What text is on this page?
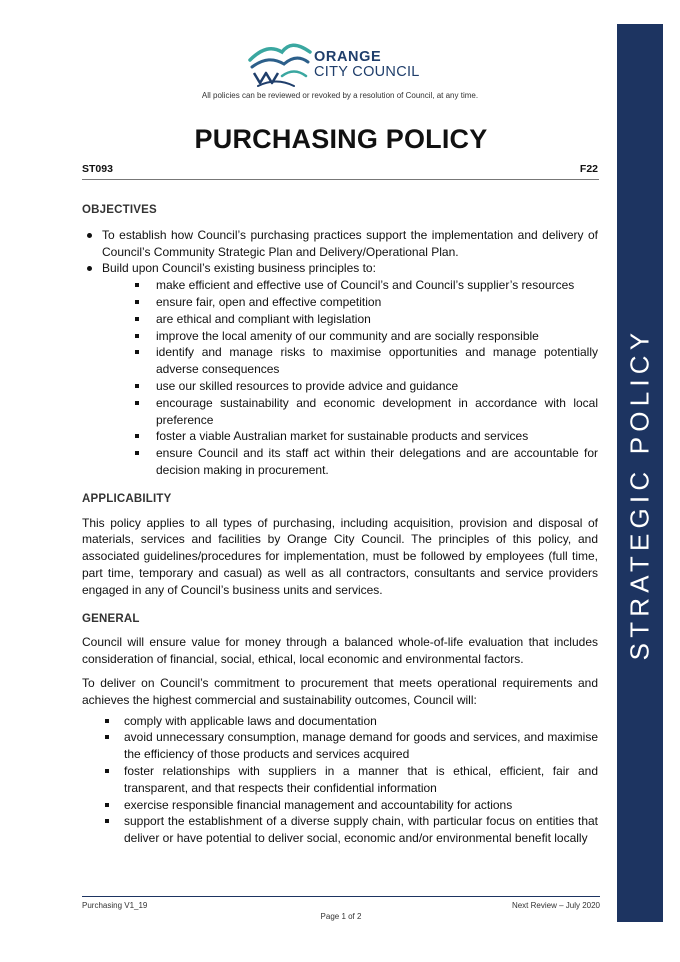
STRATEGIC POLICY
ORANGE
CITY COUNCIL
All policies can be reviewed or revoked by a resolution of Council, at any time.
PURCHASING POLICY
ST093	F22
OBJECTIVES
To establish how Council’s purchasing practices support the implementation and delivery of Council’s Community Strategic Plan and Delivery/Operational Plan.
Build upon Council’s existing business principles to:
make efficient and effective use of Council’s and Council’s supplier’s resources
ensure fair, open and effective competition
are ethical and compliant with legislation
improve the local amenity of our community and are socially responsible
identify and manage risks to maximise opportunities and manage potentially adverse consequences
use our skilled resources to provide advice and guidance
encourage sustainability and economic development in accordance with local preference
foster a viable Australian market for sustainable products and services
ensure Council and its staff act within their delegations and are accountable for decision making in procurement.
APPLICABILITY

This policy applies to all types of purchasing, including acquisition, provision and disposal of materials, services and facilities by Orange City Council. The principles of this policy, and associated guidelines/procedures for implementation, must be followed by employees (full time, part time, temporary and casual) as well as all contractors, consultants and service providers engaged in any of Council’s business units and services.

GENERAL

Council will ensure value for money through a balanced whole-of-life evaluation that includes consideration of financial, social, ethical, local economic and environmental factors.

To deliver on Council’s commitment to procurement that meets operational requirements and achieves the highest commercial and sustainability outcomes, Council will:

comply with applicable laws and documentation
avoid unnecessary consumption, manage demand for goods and services, and maximise the efficiency of those products and services acquired
foster relationships with suppliers in a manner that is ethical, efficient, fair and transparent, and that respects their confidential information
exercise responsible financial management and accountability for actions
support the establishment of a diverse supply chain, with particular focus on entities that deliver or have potential to deliver social, economic and/or environmental benefit locally
Purchasing V1_19	Next Review – July 2020
Page 1 of 2
